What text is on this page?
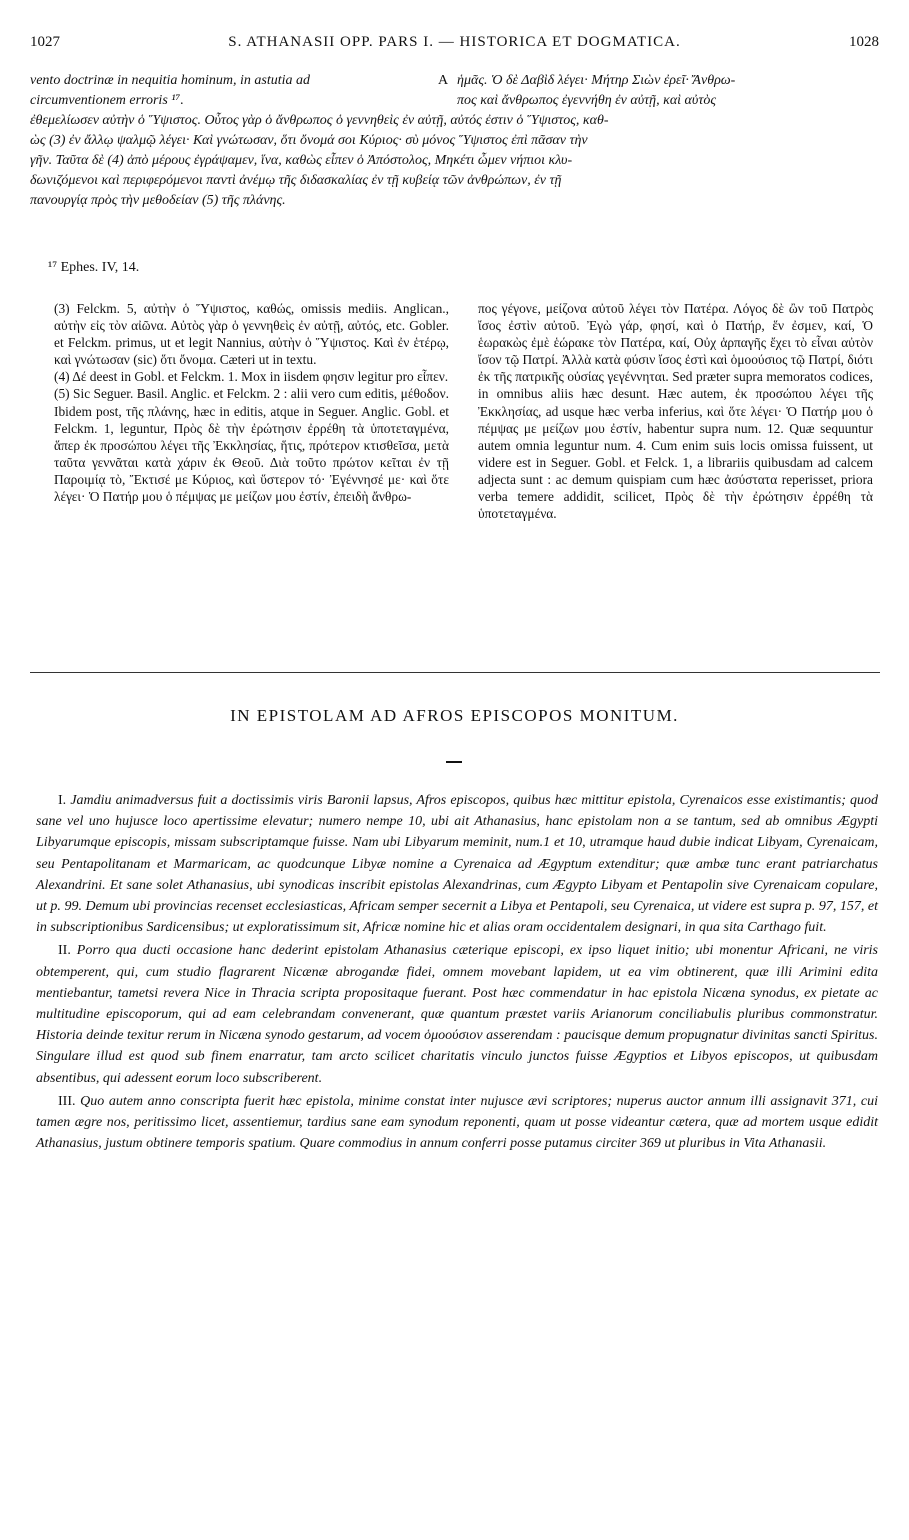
1027	S. ATHANASII OPP. PARS I. — HISTORICA ET DOGMATICA.	1028
vento doctrinæ in nequitia hominum, in astutia ad	A ἡμᾶς. Ὁ δὲ Δαβὶδ λέγει· Μήτηρ Σιὼν ἐρεῖ· Ἄνθρω-
circumventionem erroris ¹⁷.	πος καὶ ἄνθρωπος ἐγεννήθη ἐν αὐτῇ, καὶ αὐτὸς
ἐθεμελίωσεν αὐτὴν ὁ Ὕψιστος. Οὗτος γὰρ ὁ ἄνθρωπος ὁ γεννηθεὶς ἐν αὐτῇ, αὐτός ἐστιν ὁ Ὕψιστος, καθ-
ὼς (3) ἐν ἄλλῳ ψαλμῷ λέγει· Καὶ γνώτωσαν, ὅτι ὄνομά σοι Κύριος· σὺ μόνος Ὕψιστος ἐπὶ πᾶσαν τὴν
γῆν. Ταῦτα δὲ (4) ἀπὸ μέρους ἐγράψαμεν, ἵνα, καθὼς εἶπεν ὁ Ἀπόστολος, Μηκέτι ὦμεν νήπιοι κλυ-
δωνιζόμενοι καὶ περιφερόμενοι παντὶ ἀνέμῳ τῆς διδασκαλίας ἐν τῇ κυβείᾳ τῶν ἀνθρώπων, ἐν τῇ
πανουργίᾳ πρὸς τὴν μεθοδείαν (5) τῆς πλάνης.
¹⁷ Ephes. IV, 14.

(3) Felckm. 5, αὐτὴν ὁ Ὕψιστος, καθώς, omissis mediis. Anglican., αὐτὴν εἰς τὸν αἰῶνα. Αὐτὸς γὰρ ὁ γεννηθεὶς ἐν αὐτῇ, αὐτός, etc. Gobler. et Felckm. primus, ut et legit Nannius, αὐτὴν ὁ Ὕψιστος. Καὶ ἐν ἑτέρῳ, καὶ γνώτωσαν (sic) ὅτι ὄνομα. Cæteri ut in textu.

(4) Δέ deest in Gobl. et Felckm. 1. Mox in iisdem φησιν legitur pro εἶπεν.

(5) Sic Seguer. Basil. Anglic. et Felckm. 2 : alii vero cum editis, μέθοδον. Ibidem post, τῆς πλάνης, hæc in editis, atque in Seguer. Anglic. Gobl. et Felckm. 1, leguntur, Πρὸς δὲ τὴν ἐρώτησιν ἐρρέθη τὰ ὑποτεταγμένα, ἅπερ ἐκ προσώπου λέγει τῆς Ἐκκλησίας, ἥτις, πρότερον κτισθεῖσα, μετὰ ταῦτα γεννᾶται κατὰ χάριν ἐκ Θεοῦ. Διὰ τοῦτο πρώτον κεῖται ἐν τῇ Παροιμίᾳ τὸ, Ἔκτισέ με Κύριος, καὶ ὕστερον τό· Ἐγέννησέ με· καὶ ὅτε λέγει· Ὁ Πατήρ μου ὁ πέμψας με μείζων μου ἐστίν, ἐπειδὴ ἄνθρω-

πος γέγονε, μείζονα αὐτοῦ λέγει τὸν Πατέρα. Λόγος δὲ ὢν τοῦ Πατρὸς ἴσος ἐστὶν αὐτοῦ. Ἐγὼ γάρ, φησί, καὶ ὁ Πατήρ, ἕν ἐσμεν, καί, Ὁ ἑωρακὼς ἐμὲ ἑώρακε τὸν Πατέρα, καί, Οὐχ ἁρπαγῆς ἔχει τὸ εἶναι αὐτὸν ἴσον τῷ Πατρί. Ἀλλὰ κατὰ φύσιν ἴσος ἐστὶ καὶ ὁμοούσιος τῷ Πατρί, διότι ἐκ τῆς πατρικῆς οὐσίας γεγέννηται. Sed præter supra memoratos codices, in omnibus aliis hæc desunt. Hæc autem, ἐκ προσώπου λέγει τῆς Ἐκκλησίας, ad usque hæc verba inferius, καὶ ὅτε λέγει· Ὁ Πατήρ μου ὁ πέμψας με μείζων μου ἐστίν, habentur supra num. 12. Quæ sequuntur autem omnia leguntur num. 4. Cum enim suis locis omissa fuissent, ut videre est in Seguer. Gobl. et Felck. 1, a librariis quibusdam ad calcem adjecta sunt : ac demum quispiam cum hæc ἀσύστατα reperisset, priora verba temere addidit, scilicet, Πρὸς δὲ τὴν ἐρώτησιν ἐρρέθη τὰ ὑποτεταγμένα.

IN EPISTOLAM AD AFROS EPISCOPOS MONITUM.

I. Jamdiu animadversus fuit a doctissimis viris Baronii lapsus, Afros episcopos, quibus hæc mittitur epistola, Cyrenaicos esse existimantis; quod sane vel uno hujusce loco apertissime elevatur; numero nempe 10, ubi ait Athanasius, hanc epistolam non a se tantum, sed ab omnibus Ægypti Libyarumque episcopis, missam subscriptamque fuisse. Nam ubi Libyarum meminit, num.1 et 10, utramque haud dubie indicat Libyam, Cyrenaicam, seu Pentapolitanam et Marmaricam, ac quodcunque Libyæ nomine a Cyrenaica ad Ægyptum extenditur; quæ ambæ tunc erant patriarchatus Alexandrini. Et sane solet Athanasius, ubi synodicas inscribit epistolas Alexandrinas, cum Ægypto Libyam et Pentapolin sive Cyrenaicam copulare, ut p. 99. Demum ubi provincias recenset ecclesiasticas, Africam semper secernit a Libya et Pentapoli, seu Cyrenaica, ut videre est supra p. 97, 157, et in subscriptionibus Sardicensibus; ut exploratissimum sit, Africæ nomine hic et alias oram occidentalem designari, in qua sita Carthago fuit.

II. Porro qua ducti occasione hanc dederint epistolam Athanasius cæterique episcopi, ex ipso liquet initio; ubi monentur Africani, ne viris obtemperent, qui, cum studio flagrarent Nicænæ abrogandæ fidei, omnem movebant lapidem, ut ea vim obtinerent, quæ illi Arimini edita mentiebantur, tametsi revera Nice in Thracia scripta propositaque fuerant. Post hæc commendatur in hac epistola Nicæna synodus, ex pietate ac multitudine episcoporum, qui ad eam celebrandam convenerant, quæ quantum præstet variis Arianorum conciliabulis pluribus commonstratur. Historia deinde texitur rerum in Nicæna synodo gestarum, ad vocem ὁμοούσιον asserendam : paucisque demum propugnatur divinitas sancti Spiritus. Singulare illud est quod sub finem enarratur, tam arcto scilicet charitatis vinculo junctos fuisse Ægyptios et Libyos episcopos, ut quibusdam absentibus, qui adessent eorum loco subscriberent.

III. Quo autem anno conscripta fuerit hæc epistola, minime constat inter nujusce ævi scriptores; nuperus auctor annum illi assignavit 371, cui tamen ægre nos, peritissimo licet, assentiemur, tardius sane eam synodum reponenti, quam ut posse videantur cætera, quæ ad mortem usque edidit Athanasius, justum obtinere temporis spatium. Quare commodius in annum conferri posse putamus circiter 369 ut pluribus in Vita Athanasii.
